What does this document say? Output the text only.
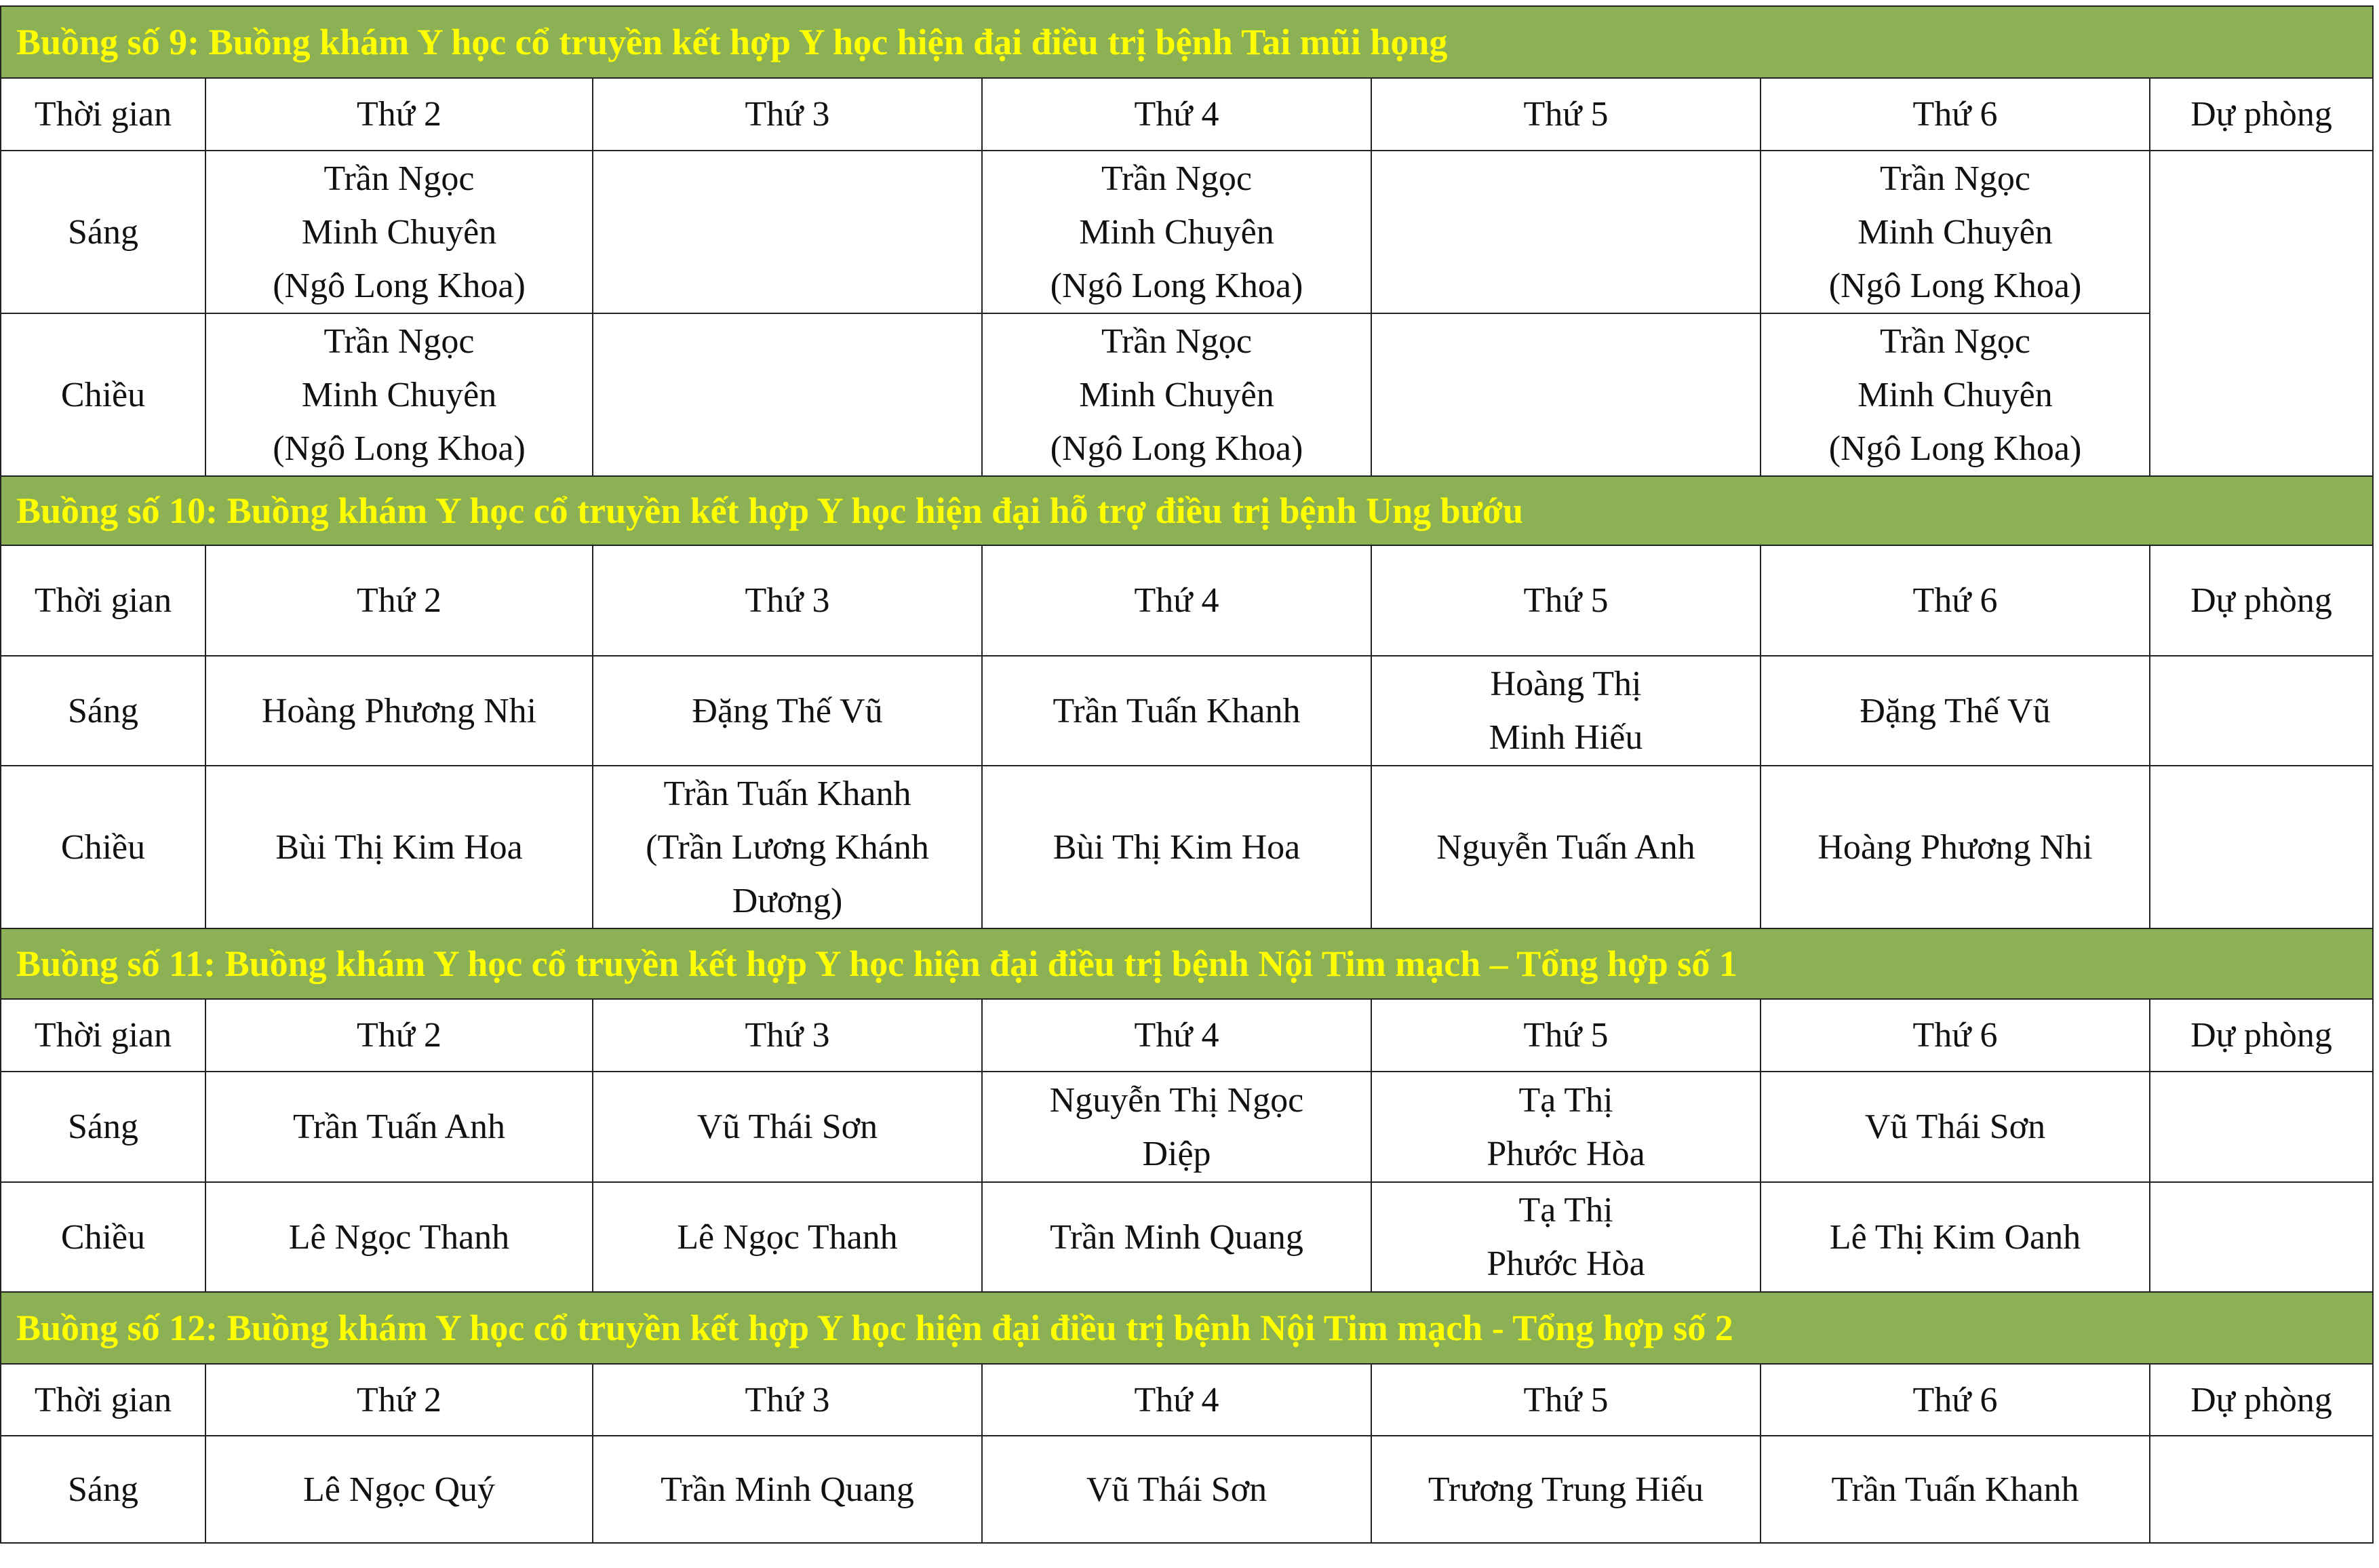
Buồng số 9: Buồng khám Y học cổ truyền kết hợp Y học hiện đại điều trị bệnh Tai mũi họng						
Thời gian	Thứ 2	Thứ 3	Thứ 4	Thứ 5	Thứ 6	Dự phòng
Sáng	Trần Ngọc
Minh Chuyên
(Ngô Long Khoa)		Trần Ngọc
Minh Chuyên
(Ngô Long Khoa)		Trần Ngọc
Minh Chuyên
(Ngô Long Khoa)	

Chiều	Trần Ngọc
Minh Chuyên
(Ngô Long Khoa)		Trần Ngọc
Minh Chuyên
(Ngô Long Khoa)		Trần Ngọc
Minh Chuyên
(Ngô Long Khoa)	

Buồng số 10: Buồng khám Y học cổ truyền kết hợp Y học hiện đại hỗ trợ điều trị bệnh Ung bướu						
Thời gian	Thứ 2	Thứ 3	Thứ 4	Thứ 5	Thứ 6	Dự phòng
Sáng	Hoàng Phương Nhi	Đặng Thế Vũ	Trần Tuấn Khanh	Hoàng Thị
Minh Hiếu	Đặng Thế Vũ	

Chiều	Bùi Thị Kim Hoa	Trần Tuấn Khanh
(Trần Lương Khánh
Dương)	Bùi Thị Kim Hoa	Nguyễn Tuấn Anh	Hoàng Phương Nhi	

Buồng số 11: Buồng khám Y học cổ truyền kết hợp Y học hiện đại điều trị bệnh Nội Tim mạch – Tổng hợp số 1						
Thời gian	Thứ 2	Thứ 3	Thứ 4	Thứ 5	Thứ 6	Dự phòng
Sáng	Trần Tuấn Anh	Vũ Thái Sơn	Nguyễn Thị Ngọc
Diệp	Tạ Thị
Phước Hòa	Vũ Thái Sơn	

Chiều	Lê Ngọc Thanh	Lê Ngọc Thanh	Trần Minh Quang	Tạ Thị
Phước Hòa	Lê Thị Kim Oanh	

Buồng số 12: Buồng khám Y học cổ truyền kết hợp Y học hiện đại điều trị bệnh Nội Tim mạch - Tổng hợp số 2						
Thời gian	Thứ 2	Thứ 3	Thứ 4	Thứ 5	Thứ 6	Dự phòng
Sáng	Lê Ngọc Quý	Trần Minh Quang	Vũ Thái Sơn	Trương Trung Hiếu	Trần Tuấn Khanh	
